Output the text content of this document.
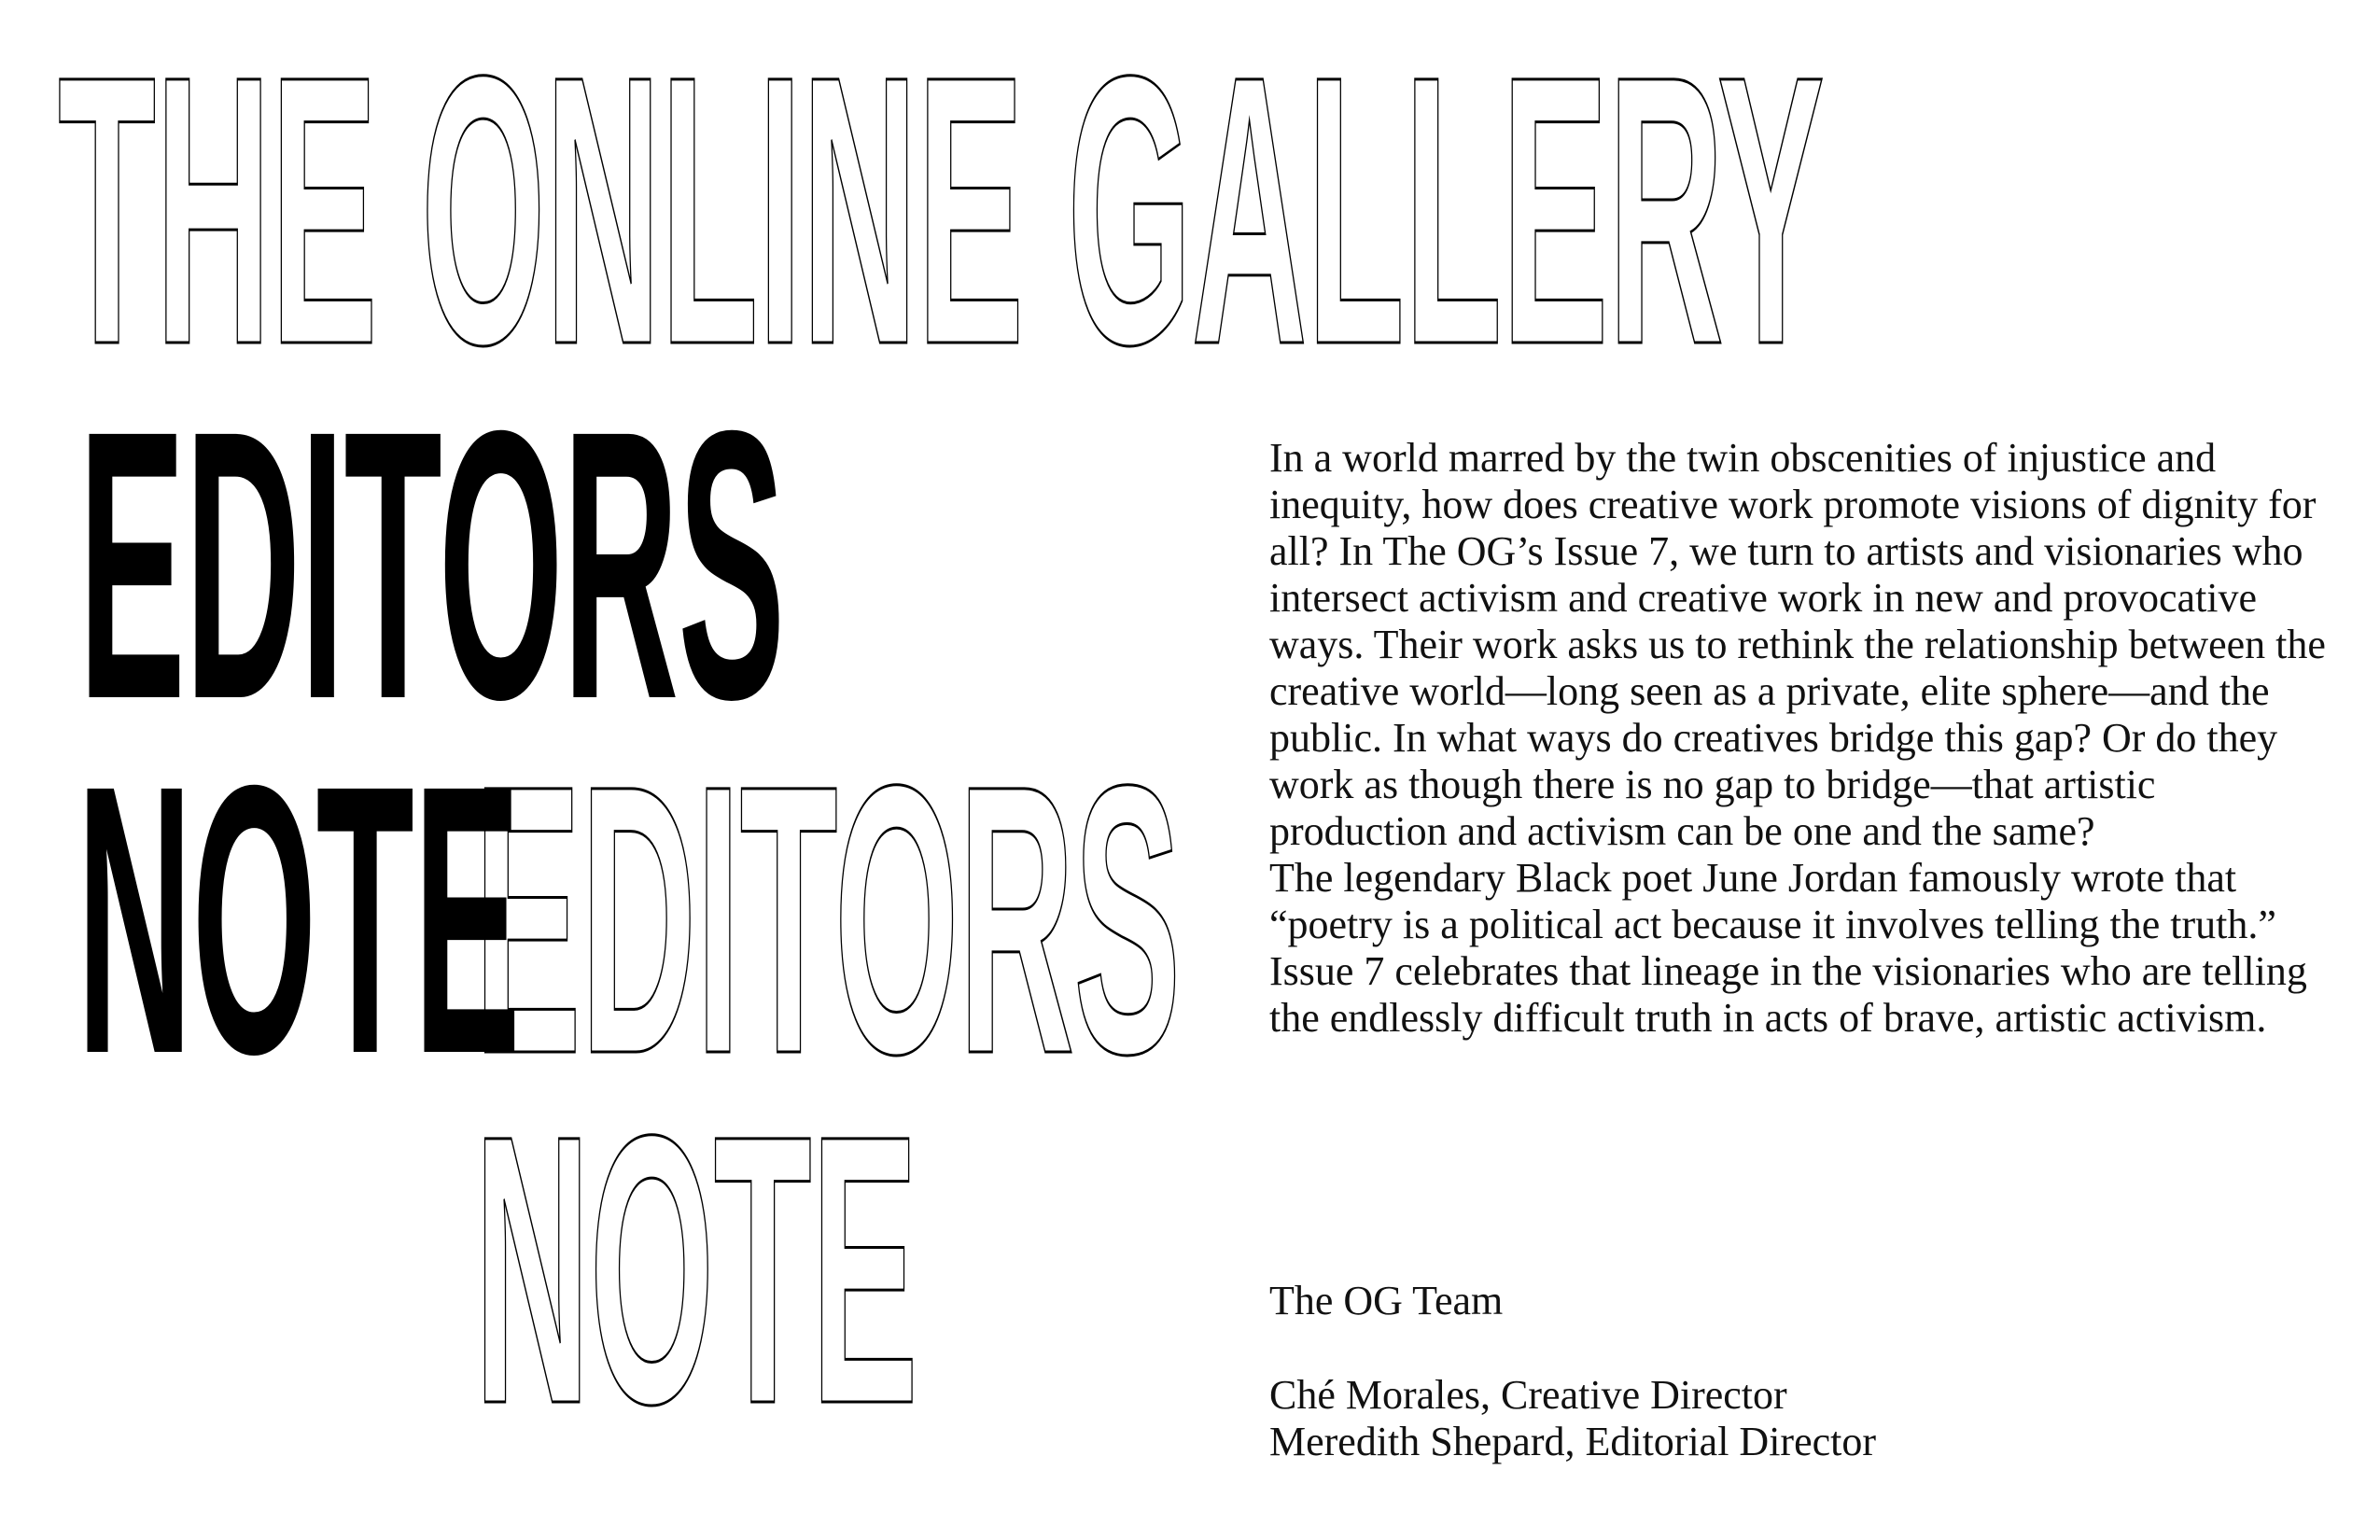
THE ONLINE GALLERY
EDITORS
NOTE
EDITORS
NOTE
In a world marred by the twin obscenities of injustice and inequity, how does creative work promote visions of dignity for all? In The OG’s Issue 7, we turn to artists and visionaries who intersect activism and creative work in new and provocative ways. Their work asks us to rethink the relationship between the creative world—long seen as a private, elite sphere—and the public. In what ways do creatives bridge this gap? Or do they work as though there is no gap to bridge—that artistic production and activism can be one and the same?
The legendary Black poet June Jordan famously wrote that “poetry is a political act because it involves telling the truth.” Issue 7 celebrates that lineage in the visionaries who are telling the endlessly difficult truth in acts of brave, artistic activism.
The OG Team
Ché Morales, Creative Director
Meredith Shepard, Editorial Director
